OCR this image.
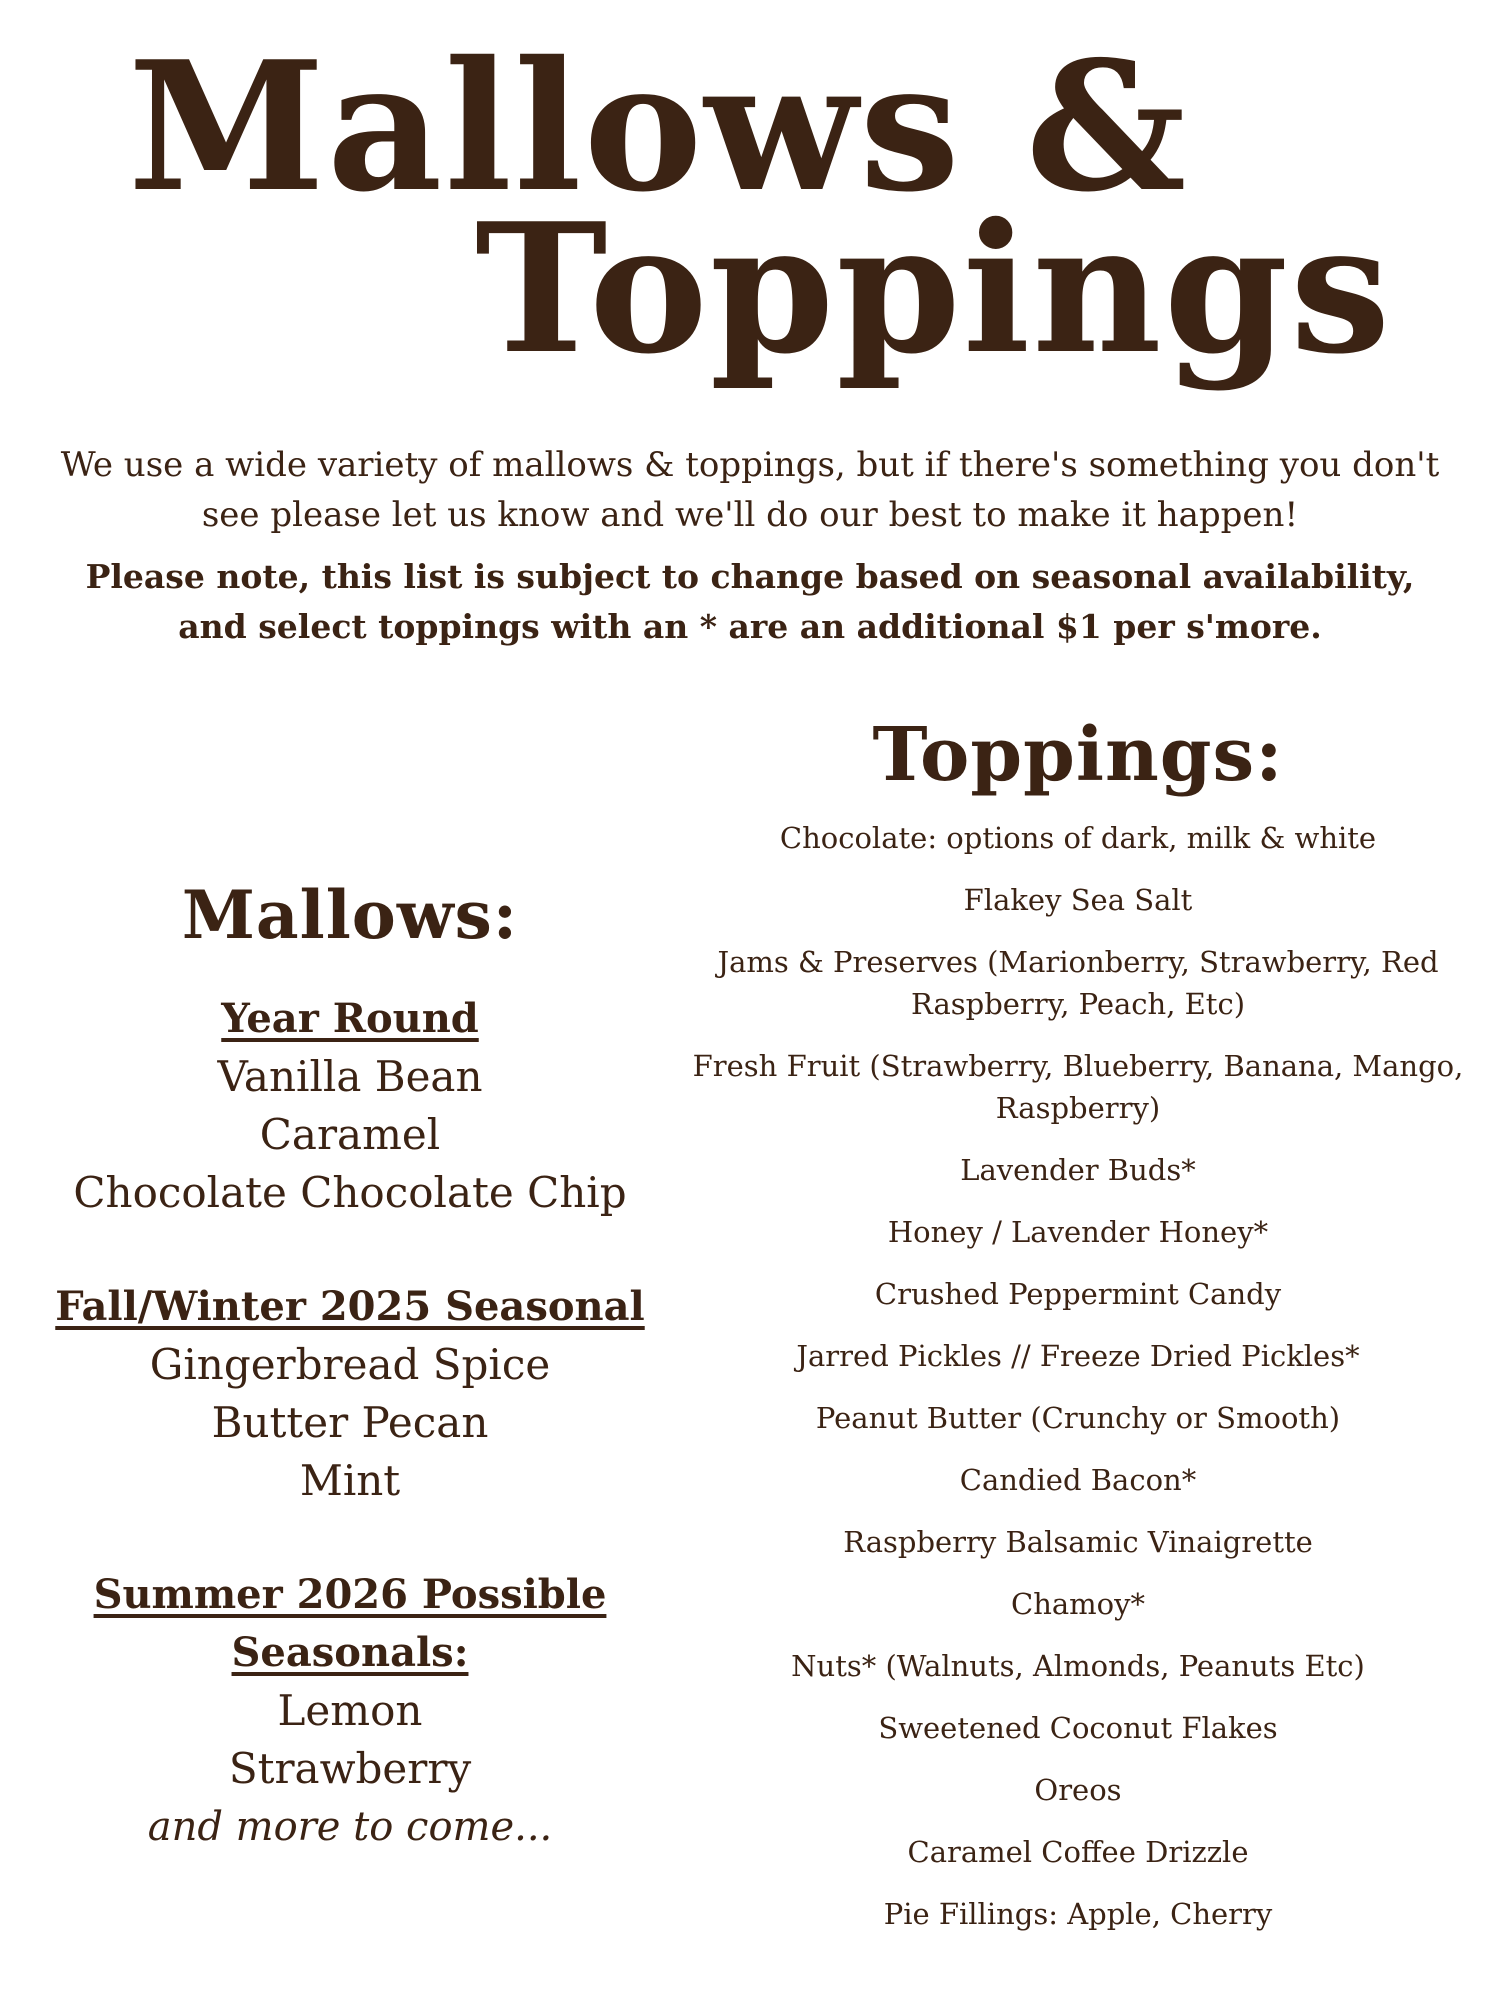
Mallows &
Toppings

We use a wide variety of mallows & toppings, but if there's something you don't see please let us know and we'll do our best to make it happen!

Please note, this list is subject to change based on seasonal availability, and select toppings with an * are an additional $1 per s'more.

Mallows:

Year Round

Vanilla Bean

Caramel

Chocolate Chocolate Chip

Fall/Winter 2025 Seasonal

Gingerbread Spice

Butter Pecan

Mint

Summer 2026 Possible Seasonals:

Lemon

Strawberry

and more to come...

Toppings:

Chocolate: options of dark, milk & white

Flakey Sea Salt

Jams & Preserves (Marionberry, Strawberry, Red Raspberry, Peach, Etc)

Fresh Fruit (Strawberry, Blueberry, Banana, Mango, Raspberry)

Lavender Buds*

Honey / Lavender Honey*

Crushed Peppermint Candy

Jarred Pickles // Freeze Dried Pickles*

Peanut Butter (Crunchy or Smooth)

Candied Bacon*

Raspberry Balsamic Vinaigrette

Chamoy*

Nuts* (Walnuts, Almonds, Peanuts Etc)

Sweetened Coconut Flakes

Oreos

Caramel Coffee Drizzle

Pie Fillings: Apple, Cherry
